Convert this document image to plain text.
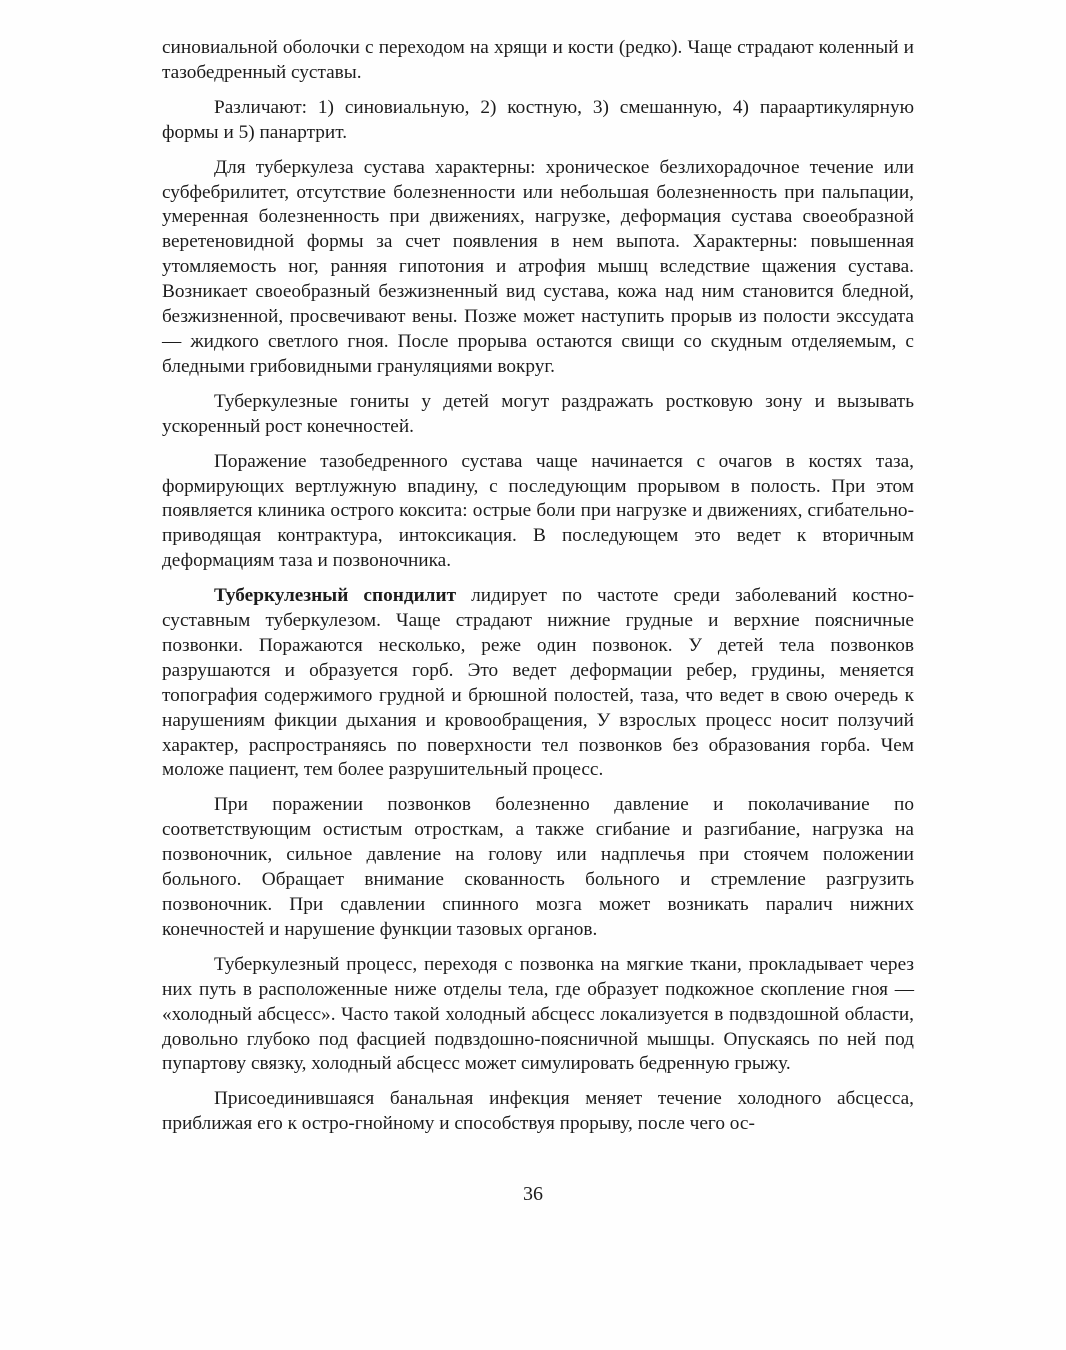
синовиальной оболочки с переходом на хрящи и кости (редко). Чаще страдают коленный и тазобедренный суставы.

Различают: 1) синовиальную, 2) костную, 3) смешанную, 4) параартикулярную формы и 5) панартрит.

Для туберкулеза сустава характерны: хроническое безлихорадочное течение или субфебрилитет, отсутствие болезненности или небольшая болезненность при пальпации, умеренная болезненность при движениях, нагрузке, деформация сустава своеобразной веретеновидной формы за счет появления в нем выпота. Характерны: повышенная утомляемость ног, ранняя гипотония и атрофия мышц вследствие щажения сустава. Возникает своеобразный безжизненный вид сустава, кожа над ним становится бледной, безжизненной, просвечивают вены. Позже может наступить прорыв из полости экссудата — жидкого светлого гноя. После прорыва остаются свищи со скудным отделяемым, с бледными грибовидными грануляциями вокруг.

Туберкулезные гониты у детей могут раздражать ростковую зону и вызывать ускоренный рост конечностей.

Поражение тазобедренного сустава чаще начинается с очагов в костях таза, формирующих вертлужную впадину, с последующим прорывом в полость. При этом появляется клиника острого коксита: острые боли при нагрузке и движениях, сгибательно-приводящая контрактура, интоксикация. В последующем это ведет к вторичным деформациям таза и позвоночника.

Туберкулезный спондилит лидирует по частоте среди заболеваний костно-суставным туберкулезом. Чаще страдают нижние грудные и верхние поясничные позвонки. Поражаются несколько, реже один позвонок. У детей тела позвонков разрушаются и образуется горб. Это ведет деформации ребер, грудины, меняется топография содержимого грудной и брюшной полостей, таза, что ведет в свою очередь к нарушениям фикции дыхания и кровообращения, У взрослых процесс носит ползучий характер, распространяясь по поверхности тел позвонков без образования горба. Чем моложе пациент, тем более разрушительный процесс.

При поражении позвонков болезненно давление и поколачивание по соответствующим остистым отросткам, а также сгибание и разгибание, нагрузка на позвоночник, сильное давление на голову или надплечья при стоячем положении больного. Обращает внимание скованность больного и стремление разгрузить позвоночник. При сдавлении спинного мозга может возникать паралич нижних конечностей и нарушение функции тазовых органов.

Туберкулезный процесс, переходя с позвонка на мягкие ткани, прокладывает через них путь в расположенные ниже отделы тела, где образует подкожное скопление гноя — «холодный абсцесс». Часто такой холодный абсцесс локализуется в подвздошной области, довольно глубоко под фасцией подвздошно-поясничной мышцы. Опускаясь по ней под пупартову связку, холодный абсцесс может симулировать бедренную грыжу.

Присоединившаяся банальная инфекция меняет течение холодного абсцесса, приближая его к остро-гнойному и способствуя прорыву, после чего ос-

36
